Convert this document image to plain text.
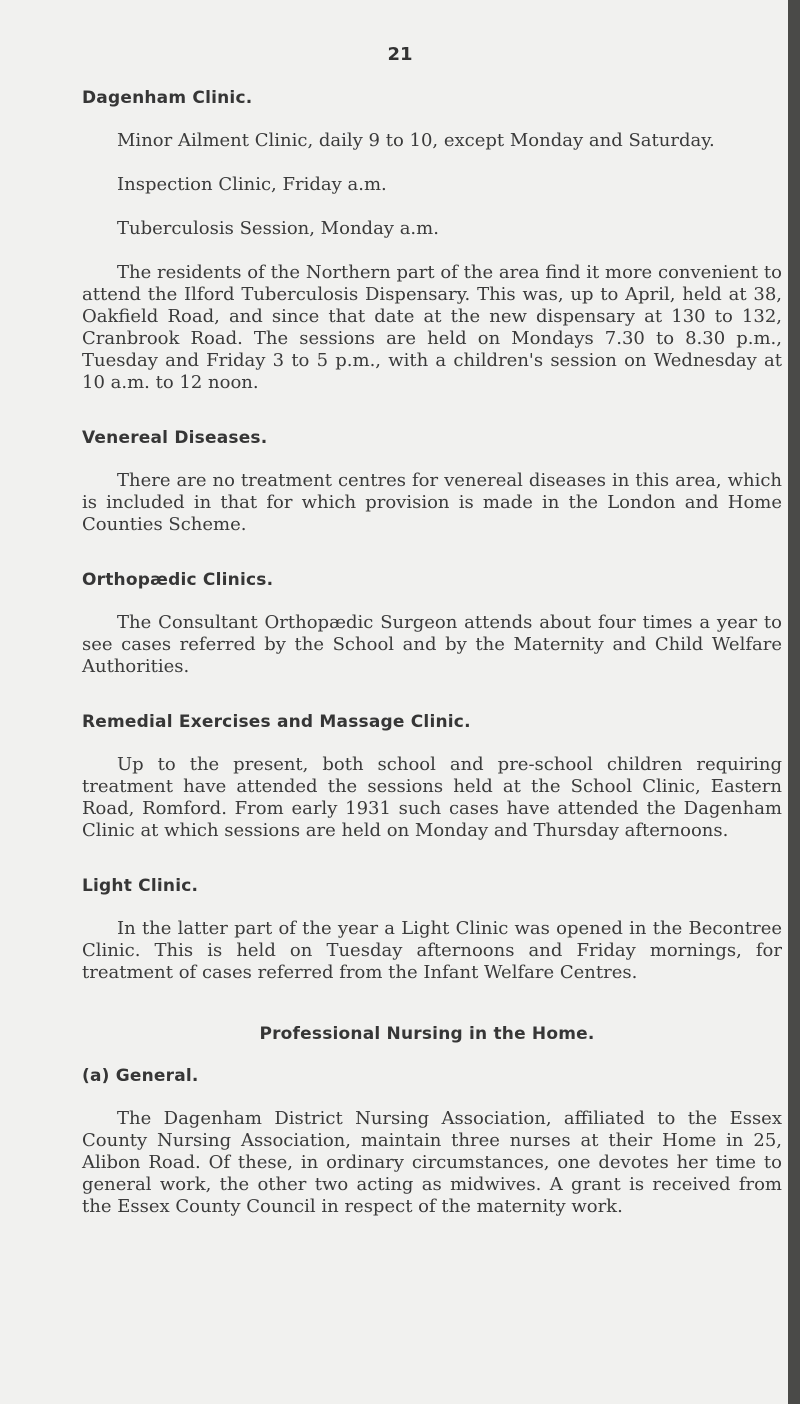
21
Dagenham Clinic.

Minor Ailment Clinic, daily 9 to 10, except Monday and Saturday.

Inspection Clinic, Friday a.m.

Tuberculosis Session, Monday a.m.

The residents of the Northern part of the area find it more convenient to attend the Ilford Tuberculosis Dispensary. This was, up to April, held at 38, Oakfield Road, and since that date at the new dispensary at 130 to 132, Cranbrook Road. The sessions are held on Mondays 7.30 to 8.30 p.m., Tuesday and Friday 3 to 5 p.m., with a children's session on Wednesday at 10 a.m. to 12 noon.

Venereal Diseases.

There are no treatment centres for venereal diseases in this area, which is included in that for which provision is made in the London and Home Counties Scheme.

Orthopædic Clinics.

The Consultant Orthopædic Surgeon attends about four times a year to see cases referred by the School and by the Maternity and Child Welfare Authorities.

Remedial Exercises and Massage Clinic.

Up to the present, both school and pre-school children requiring treatment have attended the sessions held at the School Clinic, Eastern Road, Romford. From early 1931 such cases have attended the Dagenham Clinic at which sessions are held on Monday and Thursday afternoons.

Light Clinic.

In the latter part of the year a Light Clinic was opened in the Becontree Clinic. This is held on Tuesday afternoons and Friday mornings, for treatment of cases referred from the Infant Welfare Centres.

Professional Nursing in the Home.
(a) General.

The Dagenham District Nursing Association, affiliated to the Essex County Nursing Association, maintain three nurses at their Home in 25, Alibon Road. Of these, in ordinary circumstances, one devotes her time to general work, the other two acting as midwives. A grant is received from the Essex County Council in respect of the maternity work.
